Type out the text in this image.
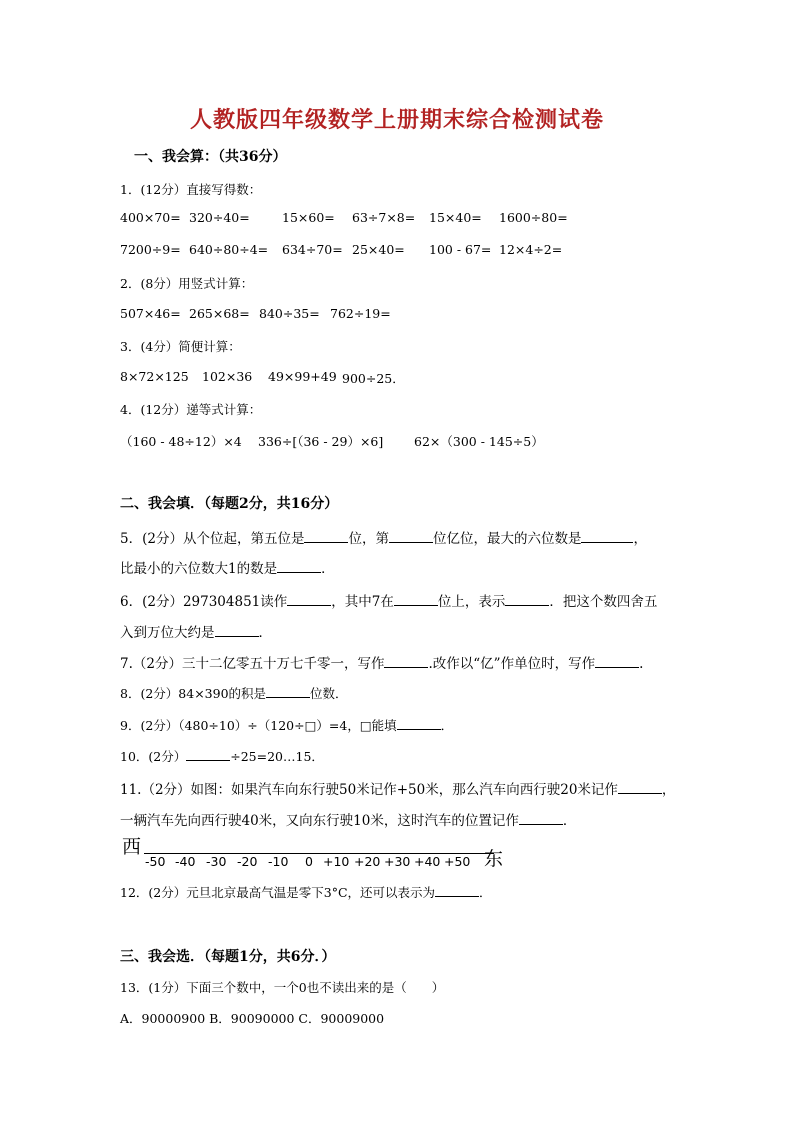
人教版四年级数学上册期末综合检测试卷
一、我会算：（共36分）
1．(12分）直接写得数：
400×70= 320÷40=	15×60= 63÷7×8= 15×40= 1600÷80=
7200÷9= 640÷80÷4= 634÷70= 25×40= 100 - 67= 12×4÷2=
2．(8分）用竖式计算：
507×46= 265×68= 840÷35= 762÷19=
3．(4分）简便计算：
8×72×125 102×36 49×99+49 900÷25．
4．(12分）递等式计算：
（160 - 48÷12）×4 336÷[（36 - 29）×6] 62×（300 - 145÷5）
二、我会填．（每题2分，共16分）
5．(2分）从个位起，第五位是	位，第	位亿位，最大的六位数是	，
比最小的六位数大1的数是	．
6．(2分）297304851读作	，其中7在	位上，表示	．把这个数四舍五
入到万位大约是	．
7.（2分）三十二亿零五十万七千零一，写作	.改作以“亿”作单位时，写作	.
8．(2分）84×390的积是	位数．
9．(2分）（480÷10）÷（120÷□）=4，□能填	．
10．(2分）	÷25=20…15．
11.（2分）如图：如果汽车向东行驶50米记作+50米，那么汽车向西行驶20米记作	，
一辆汽车先向西行驶40米，又向东行驶10米，这时汽车的位置记作	．
西
东
-50 -40 -30 -20 -10 0 +10 +20 +30 +40 +50
12．(2分）元旦北京最高气温是零下3°C，还可以表示为	．
三、我会选．（每题1分，共6分．）
13．(1分）下面三个数中，一个0也不读出来的是（　　）
A．90000900 B．90090000 C．90009000
